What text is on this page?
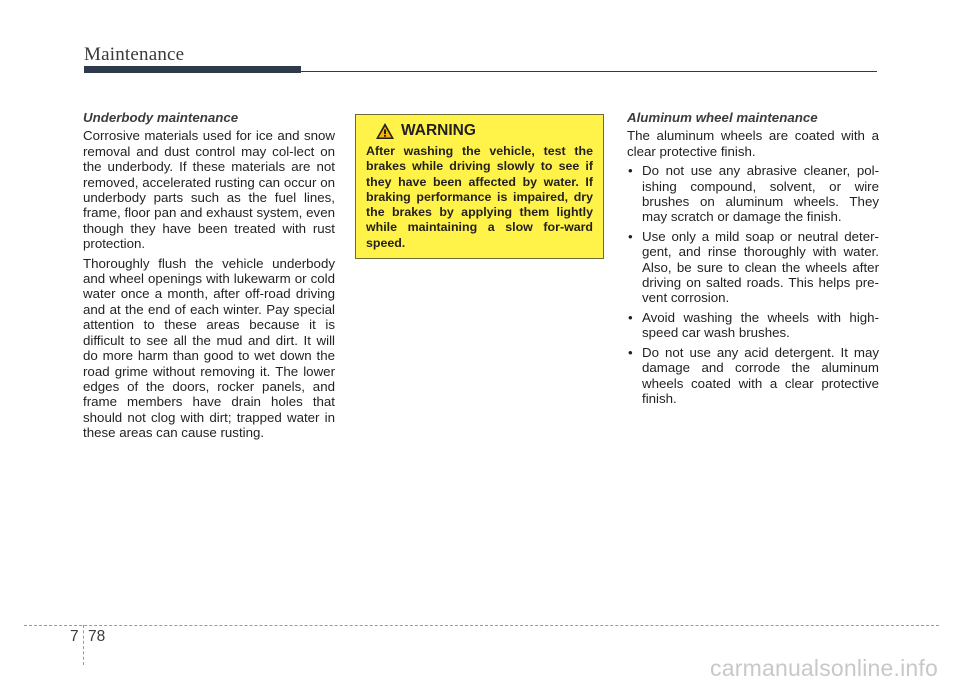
Maintenance
Underbody maintenance

Corrosive materials used for ice and snow removal and dust control may col-lect on the underbody. If these materials are not removed, accelerated rusting can occur on underbody parts such as the fuel lines, frame, floor pan and exhaust system, even though they have been treated with rust protection.

Thoroughly flush the vehicle underbody and wheel openings with lukewarm or cold water once a month, after off-road driving and at the end of each winter. Pay special attention to these areas because it is difficult to see all the mud and dirt. It will do more harm than good to wet down the road grime without removing it. The lower edges of the doors, rocker panels, and frame members have drain holes that should not clog with dirt; trapped water in these areas can cause rusting.

WARNING

After washing the vehicle, test the brakes while driving slowly to see if they have been affected by water. If braking performance is impaired, dry the brakes by applying them lightly while maintaining a slow for-ward speed.

Aluminum wheel maintenance

The aluminum wheels are coated with a clear protective finish.

• Do not use any abrasive cleaner, pol-ishing compound, solvent, or wire brushes on aluminum wheels. They may scratch or damage the finish.
• Use only a mild soap or neutral deter-gent, and rinse thoroughly with water. Also, be sure to clean the wheels after driving on salted roads. This helps pre-vent corrosion.
• Avoid washing the wheels with high-speed car wash brushes.
• Do not use any acid detergent. It may damage and corrode the aluminum wheels coated with a clear protective finish.
7 78
carmanualsonline.info
